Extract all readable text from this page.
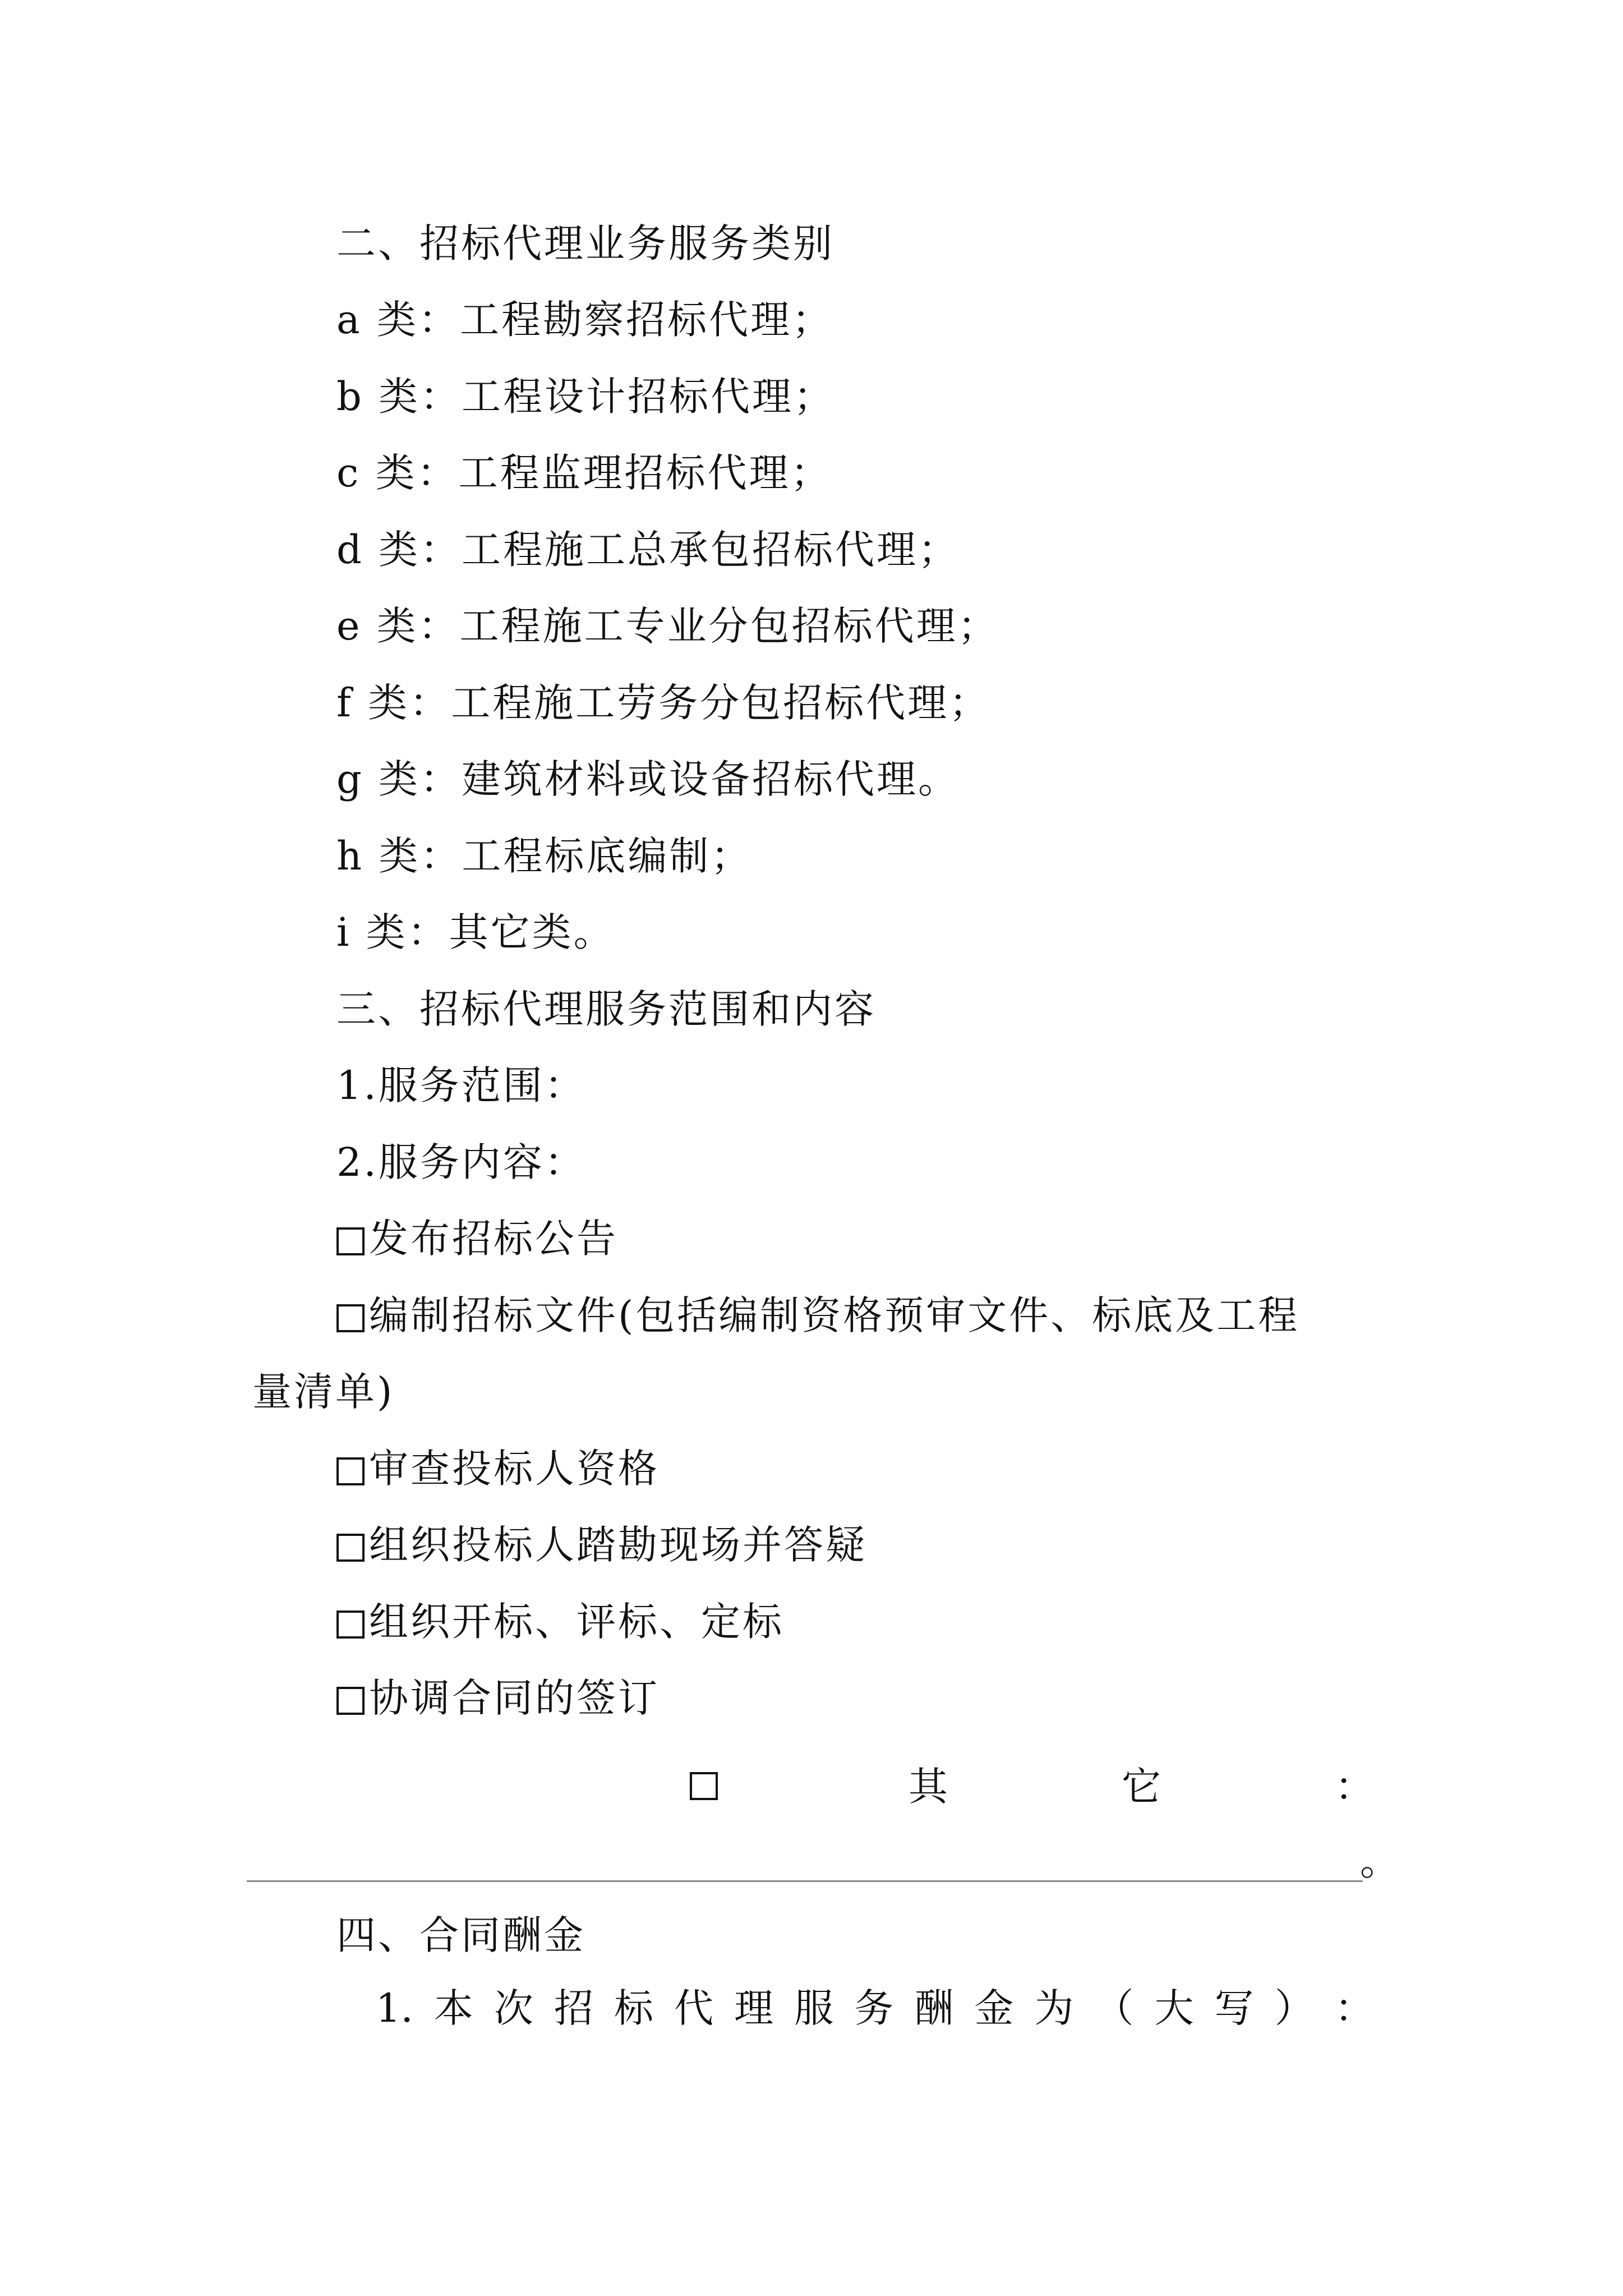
二、招标代理业务服务类别
a 类：工程勘察招标代理；
b 类：工程设计招标代理；
c 类：工程监理招标代理；
d 类：工程施工总承包招标代理；
e 类：工程施工专业分包招标代理；
f 类：工程施工劳务分包招标代理；
g 类：建筑材料或设备招标代理。
h 类：工程标底编制；
i 类：其它类。
三、招标代理服务范围和内容
1.服务范围：
2.服务内容：
发布招标公告
编制招标文件(包括编制资格预审文件、标底及工程
量清单)
审查投标人资格
组织投标人踏勘现场并答疑
组织开标、评标、定标
协调合同的签订
其	它	：
。
四、合同酬金
1. 本 次 招 标 代 理 服 务 酬 金 为 （ 大 写 ） ：
